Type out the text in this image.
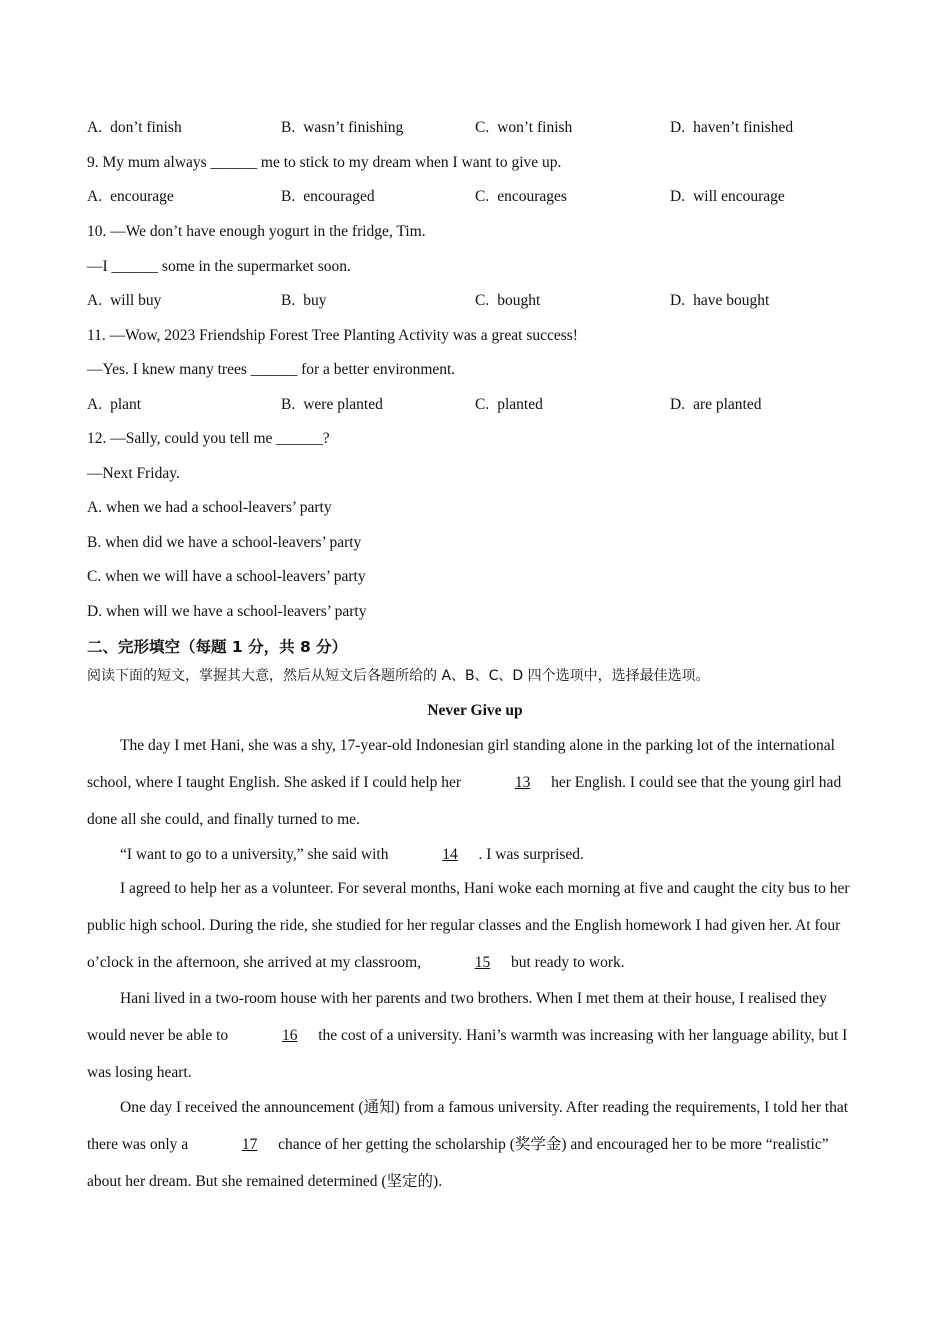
A. don’t finish	B. wasn’t finishing	C. won’t finish	D. haven’t finished
9. My mum always ______ me to stick to my dream when I want to give up.
A. encourage	B. encouraged	C. encourages	D. will encourage
10. —We don’t have enough yogurt in the fridge, Tim.
—I ______ some in the supermarket soon.
A. will buy	B. buy	C. bought	D. have bought
11. —Wow, 2023 Friendship Forest Tree Planting Activity was a great success!
—Yes. I knew many trees ______ for a better environment.
A. plant	B. were planted	C. planted	D. are planted
12. —Sally, could you tell me ______?
—Next Friday.
A. when we had a school-leavers’ party
B. when did we have a school-leavers’ party
C. when we will have a school-leavers’ party
D. when will we have a school-leavers’ party
二、完形填空（每题 1 分，共 8 分）
阅读下面的短文，掌握其大意，然后从短文后各题所给的 A、B、C、D 四个选项中，选择最佳选项。
Never Give up
The day I met Hani, she was a shy, 17-year-old Indonesian girl standing alone in the parking lot of the international school, where I taught English. She asked if I could help her	13 her English. I could see that the young girl had done all she could, and finally turned to me.
“I want to go to a university,” she said with	14 . I was surprised.
I agreed to help her as a volunteer. For several months, Hani woke each morning at five and caught the city bus to her public high school. During the ride, she studied for her regular classes and the English homework I had given her. At four o’clock in the afternoon, she arrived at my classroom,	15 but ready to work.
Hani lived in a two-room house with her parents and two brothers. When I met them at their house, I realised they would never be able to	16 the cost of a university. Hani’s warmth was increasing with her language ability, but I was losing heart.
One day I received the announcement (通知) from a famous university. After reading the requirements, I told her that there was only a	17 chance of her getting the scholarship (奖学金) and encouraged her to be more “realistic” about her dream. But she remained determined (坚定的).
